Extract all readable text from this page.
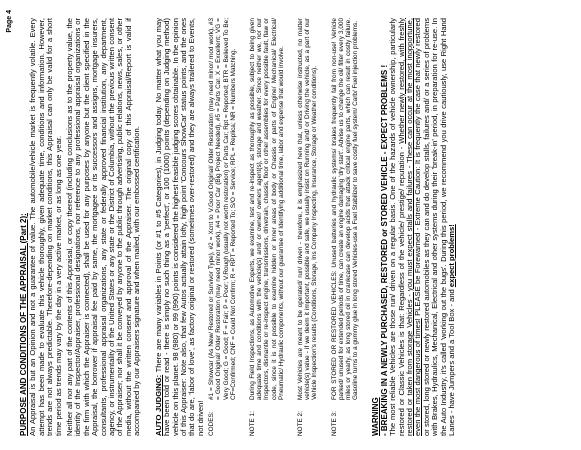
Page 4
PURPOSE AND CONDITIONS OF THE APPRAISAL (Part 2): An Appraisal is but an Opinion and not a guarantee of value. The automobile/vehicle market is frequently volatile. Every attempt has been made to evaluate this vehicle thoroughly, given adequate time, conditions and information. However, trends are not always predictable. Therefore-depending on market conditions, this Appraisal can only be valid for a short time period as trends may vary by the day in a very active market, or as long as one year. Neither all nor any part of the contents of this Appraisal, or copy thereof (including conclusions as to the property value, the identity of the Inspector/Appraiser, professional designations, nor reference to any professional appraisal organizations or the firm with which the Appraiser is connected), shall be used for any purposes by anyone but the client specified in the Appraisal, the borrower if appraisal fee paid by same, the mortgagee or its successors and assigns, mortgage insurers, consultants, professional appraisal organizations, any state or federally approved financial institution, any department, agency, or instrumentality of the United States or any state or the District of Columbia, without the previous written consent of the Appraiser; nor shall it be conveyed by anyone to the public through advertising, public relations, news, sales, or other media, without the written consent and approval of the Appraiser. The original copy of this Appraisal/Report is valid if accompanied by our Appraisers signature and when mailed, with our embossed certification. AUTO JUDGING: There are many variables in Points (or #1 to #5 Categories), in Judging today. No matter what you may have been told or read - there is simply no such thing as a 'perfect', or 100 (1000) points (depending on Judging method) vehicle on this planet. 98 (980) or 99 (990) points is considered the highest feasible judging scores obtainable. In the opinion of this Appraiser: Note also, that few Autos actually attain lofty, high point 'Concours ShowCar' status points, and the ones that do are, 'labor of love', as factory original or restored (sometimes over-restored) and they are always trailered to Events, not driven! CODES:
#1 = Showcar (As New/ Restored or Survivor Type), #2 = Xcnt to V.Good Original/ Older Restoration (may need minor/ mod work), #3 = Good Original/ Older Restoration (may need minor work), #4 = Poor Car (Big Project Needed), #5 = Parts Car. X = Excellent; VG = Very Good; G = Good; F = Fair; P = Poor; V.Rough (usually not worth restoration) or Parts Car; Rpt = Reported; BTR = Believed To Be; CF=Confirmed; CNF = Could Not Confirm; R = RPT = Reported To; S/O = Service; RPL = Replica; NR = Numbers Matching.
NOTE 1:
During Field Inspections, as Automotive Experts, we examine, test and re-inspect as thoroughly as possible, subject to being given adequate time and conditions with the vehicle(s) and/ or owner/ owners agent(s), storage and weather. Since neither we, nor our Inspectors, dismantle or re-inspect engine, transmissions, drivetrain, chassis, floor or other assemblies for every possible fault, flaw or code, since it is not possible to examine hidden or inner areas of body or Chassis or parts of Engine/ Mechanical/ Electrical/ Pneumatic/ Hydraulic components, without our guarantee of Identifying additional time, labor and expense that would involve.
NOTE 2:
Most Vehicles are meant to be operated/ run/ driven - therefore, it is emphasized here that, unless otherwise instructed, no matter vehicle(s) value - if we deem it important, possible and safe, we usually insist on Running and/ or Driving the vehicle, as a part of our Vehicle Inspection's results (Conditions, Storage, Ins Company Inspecting, Insurance, Storage or Weather conditions).
NOTE 3:
FOR STORED OR RESTORED VEHICLES: Unused batteries and hydraulic systems/ brakes frequently fail from non-use! Vehicle parked/ unused for extended periods of time, can create an engine damaging 'dry start'. Advise us to change the oil/ filter every 3,000 miles or yearly, as long stored oil in crankcase can develop acids that attack critical engine parts, which can result in costly failure. Gasoline turns to a gummy glue in long stored Vehicles-use a Fuel Stabilizer to save costly fuel system/ Carb/ Fuel injection problems.
WARNING - BREAKING IN A NEWLY PURCHASED, RESTORED or STORED VEHICLE - EXPECT PROBLEMS ! The most reliable Vehicles are those run/ driven on a regular basis. One of the hazards of vehicle ownership, particularly restored or Classic Vehicles is that: Regardless of the vehicle/ prestige/ reputation - Whether newly restored, with freshly restored or taken from storage Vehicles - you must expect stalls and failures - These can occur at the most inopportune, even the most dangerous of times! PLEASE be Forewarned - Extreme Caution: It is frequently the case that newly restored or stored, long stored or newly restored automobiles as they can and do develop stalls, failures and/ or a series of problems with Brakes, Hydraulics, Mechanical, Electrical and other systems during their 'break-in' period, in preparation for re-use. In the Auto Industry, it's called 'working out the bugs'. During this period, we recommend you drive cautiously, use Right Hand Lanes - have Jumpers and a Tool Box - and expect problems!
